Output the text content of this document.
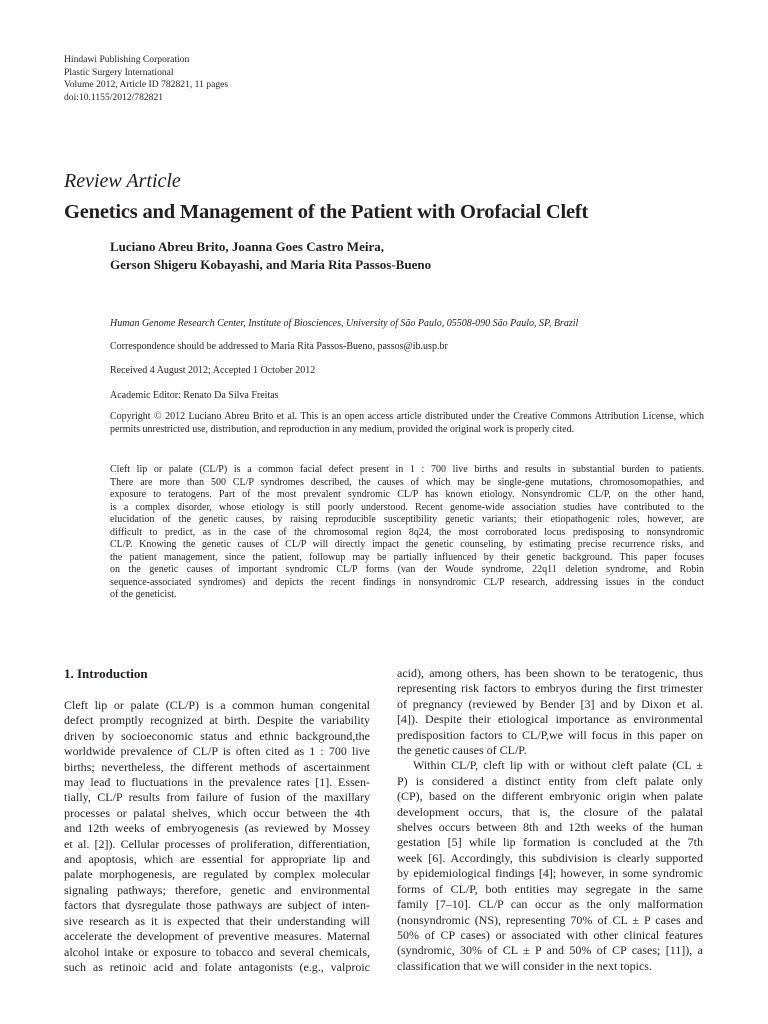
Hindawi Publishing Corporation
Plastic Surgery International
Volume 2012, Article ID 782821, 11 pages
doi:10.1155/2012/782821
Review Article
Genetics and Management of the Patient with Orofacial Cleft
Luciano Abreu Brito, Joanna Goes Castro Meira,
Gerson Shigeru Kobayashi, and Maria Rita Passos-Bueno
Human Genome Research Center, Institute of Biosciences, University of São Paulo, 05508-090 São Paulo, SP, Brazil
Correspondence should be addressed to Maria Rita Passos-Bueno, passos@ib.usp.br
Received 4 August 2012; Accepted 1 October 2012
Academic Editor: Renato Da Silva Freitas
Copyright © 2012 Luciano Abreu Brito et al. This is an open access article distributed under the Creative Commons Attribution License, which permits unrestricted use, distribution, and reproduction in any medium, provided the original work is properly cited.
Cleft lip or palate (CL/P) is a common facial defect present in 1 : 700 live births and results in substantial burden to patients.
There are more than 500 CL/P syndromes described, the causes of which may be single-gene mutations, chromosomopathies, and
exposure to teratogens. Part of the most prevalent syndromic CL/P has known etiology. Nonsyndromic CL/P, on the other hand,
is a complex disorder, whose etiology is still poorly understood. Recent genome-wide association studies have contributed to the
elucidation of the genetic causes, by raising reproducible susceptibility genetic variants; their etiopathogenic roles, however, are
difficult to predict, as in the case of the chromosomal region 8q24, the most corroborated locus predisposing to nonsyndromic
CL/P. Knowing the genetic causes of CL/P will directly impact the genetic counseling, by estimating precise recurrence risks, and
the patient management, since the patient, followup may be partially influenced by their genetic background. This paper focuses
on the genetic causes of important syndromic CL/P forms (van der Woude syndrome, 22q11 deletion syndrome, and Robin
sequence-associated syndromes) and depicts the recent findings in nonsyndromic CL/P research, addressing issues in the conduct
of the geneticist.
1. Introduction
Cleft lip or palate (CL/P) is a common human congenital
defect promptly recognized at birth. Despite the variability
driven by socioeconomic status and ethnic background,the
worldwide prevalence of CL/P is often cited as 1 : 700 live
births; nevertheless, the different methods of ascertainment
may lead to fluctuations in the prevalence rates [1]. Essen-
tially, CL/P results from failure of fusion of the maxillary
processes or palatal shelves, which occur between the 4th
and 12th weeks of embryogenesis (as reviewed by Mossey
et al. [2]). Cellular processes of proliferation, differentiation,
and apoptosis, which are essential for appropriate lip and
palate morphogenesis, are regulated by complex molecular
signaling pathways; therefore, genetic and environmental
factors that dysregulate those pathways are subject of inten-
sive research as it is expected that their understanding will
accelerate the development of preventive measures. Maternal
alcohol intake or exposure to tobacco and several chemicals,
such as retinoic acid and folate antagonists (e.g., valproic
acid), among others, has been shown to be teratogenic, thus
representing risk factors to embryos during the first trimester
of pregnancy (reviewed by Bender [3] and by Dixon et al.
[4]). Despite their etiological importance as environmental
predisposition factors to CL/P,we will focus in this paper on
the genetic causes of CL/P.
Within CL/P, cleft lip with or without cleft palate (CL ±
P) is considered a distinct entity from cleft palate only
(CP), based on the different embryonic origin when palate
development occurs, that is, the closure of the palatal
shelves occurs between 8th and 12th weeks of the human
gestation [5] while lip formation is concluded at the 7th
week [6]. Accordingly, this subdivision is clearly supported
by epidemiological findings [4]; however, in some syndromic
forms of CL/P, both entities may segregate in the same
family [7–10]. CL/P can occur as the only malformation
(nonsyndromic (NS), representing 70% of CL ± P cases and
50% of CP cases) or associated with other clinical features
(syndromic, 30% of CL ± P and 50% of CP cases; [11]), a
classification that we will consider in the next topics.
